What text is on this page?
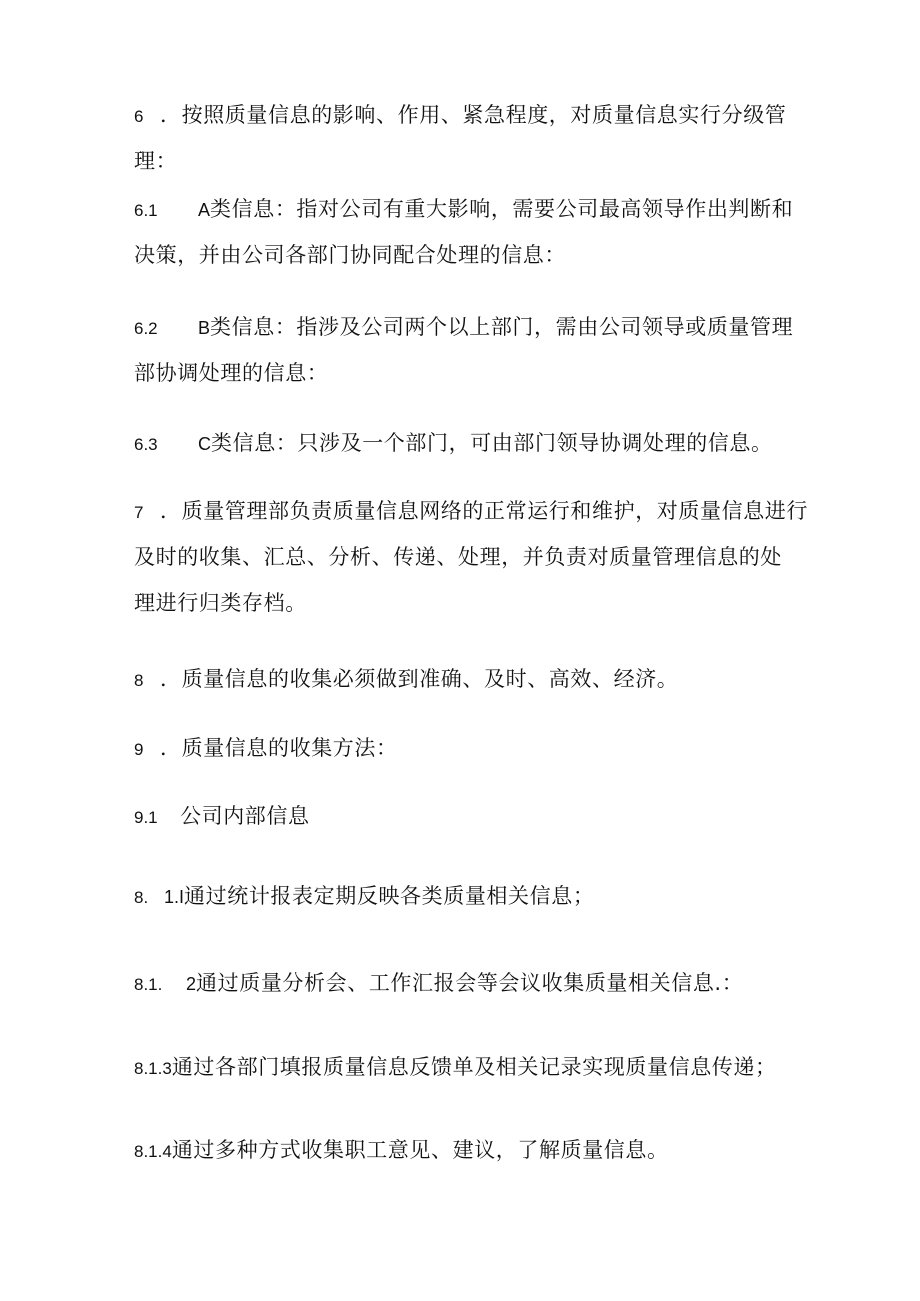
6 ．按照质量信息的影响、作用、紧急程度，对质量信息实行分级管
理：
6.1 A类信息：指对公司有重大影响，需要公司最高领导作出判断和
决策，并由公司各部门协同配合处理的信息：
6.2 B类信息：指涉及公司两个以上部门，需由公司领导或质量管理
部协调处理的信息：
6.3 C类信息：只涉及一个部门，可由部门领导协调处理的信息。
7 ．质量管理部负责质量信息网络的正常运行和维护，对质量信息进行
及时的收集、汇总、分析、传递、处理，并负责对质量管理信息的处
理进行归类存档。
8 ．质量信息的收集必须做到准确、及时、高效、经济。
9 ．质量信息的收集方法：
9.1 公司内部信息
8. 1.I通过统计报表定期反映各类质量相关信息；
8.1. 2通过质量分析会、工作汇报会等会议收集质量相关信息.：
8.1.3通过各部门填报质量信息反馈单及相关记录实现质量信息传递；
8.1.4通过多种方式收集职工意见、建议，了解质量信息。
